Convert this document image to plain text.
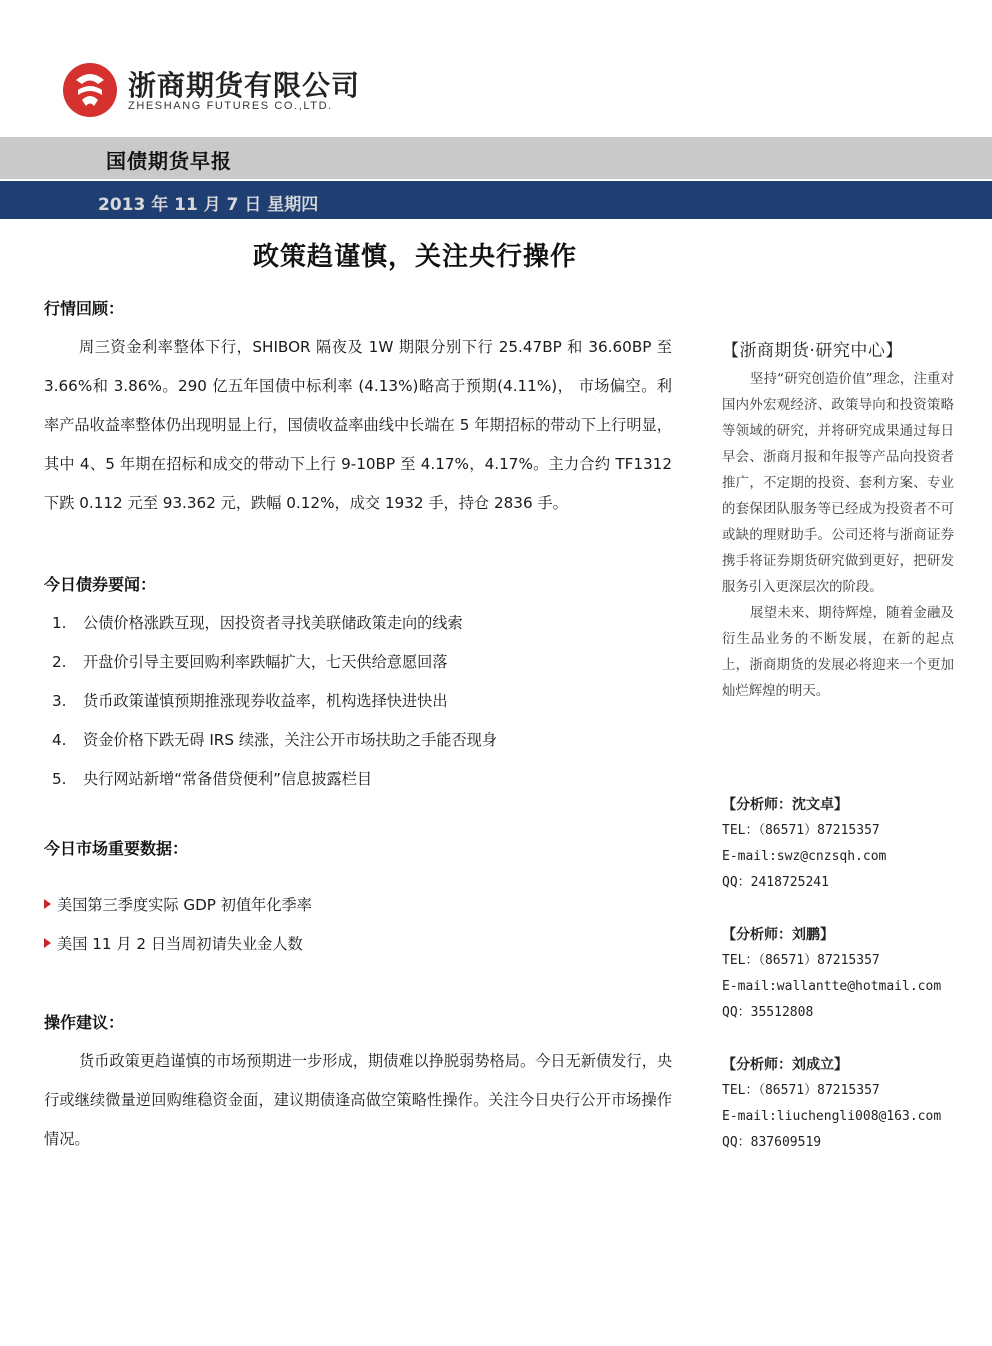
浙商期货有限公司
ZHESHANG FUTURES CO.,LTD.
国债期货早报
2013 年 11 月 7 日 星期四
政策趋谨慎，关注央行操作
行情回顾：

周三资金利率整体下行，SHIBOR 隔夜及 1W 期限分别下行 25.47BP 和 36.60BP 至 3.66%和 3.86%。290 亿五年国债中标利率 (4.13%)略高于预期(4.11%)， 市场偏空。利率产品收益率整体仍出现明显上行，国债收益率曲线中长端在 5 年期招标的带动下上行明显，其中 4、5 年期在招标和成交的带动下上行 9-10BP 至 4.17%，4.17%。主力合约 TF1312 下跌 0.112 元至 93.362 元，跌幅 0.12%，成交 1932 手，持仓 2836 手。

今日债券要闻：
1. 公债价格涨跌互现，因投资者寻找美联储政策走向的线索
2. 开盘价引导主要回购利率跌幅扩大，七天供给意愿回落
3. 货币政策谨慎预期推涨现券收益率，机构选择快进快出
4. 资金价格下跌无碍 IRS 续涨，关注公开市场扶助之手能否现身
5. 央行网站新增“常备借贷便利”信息披露栏目
今日市场重要数据：
美国第三季度实际 GDP 初值年化季率
美国 11 月 2 日当周初请失业金人数
操作建议：

货币政策更趋谨慎的市场预期进一步形成，期债难以挣脱弱势格局。今日无新债发行，央行或继续微量逆回购维稳资金面，建议期债逢高做空策略性操作。关注今日央行公开市场操作情况。

【浙商期货·研究中心】

坚持“研究创造价值”理念，注重对国内外宏观经济、政策导向和投资策略等领域的研究，并将研究成果通过每日早会、浙商月报和年报等产品向投资者推广，不定期的投资、套利方案、专业的套保团队服务等已经成为投资者不可或缺的理财助手。公司还将与浙商证券携手将证券期货研究做到更好，把研发服务引入更深层次的阶段。

展望未来、期待辉煌，随着金融及衍生品业务的不断发展，在新的起点上，浙商期货的发展必将迎来一个更加灿烂辉煌的明天。

【分析师：沈文卓】
TEL：（86571）87215357
E-mail:swz@cnzsqh.com
QQ：2418725241
【分析师：刘鹏】
TEL：（86571）87215357
E-mail:wallantte@hotmail.com
QQ：35512808
【分析师：刘成立】
TEL：（86571）87215357
E-mail:liuchengli008@163.com
QQ：837609519
